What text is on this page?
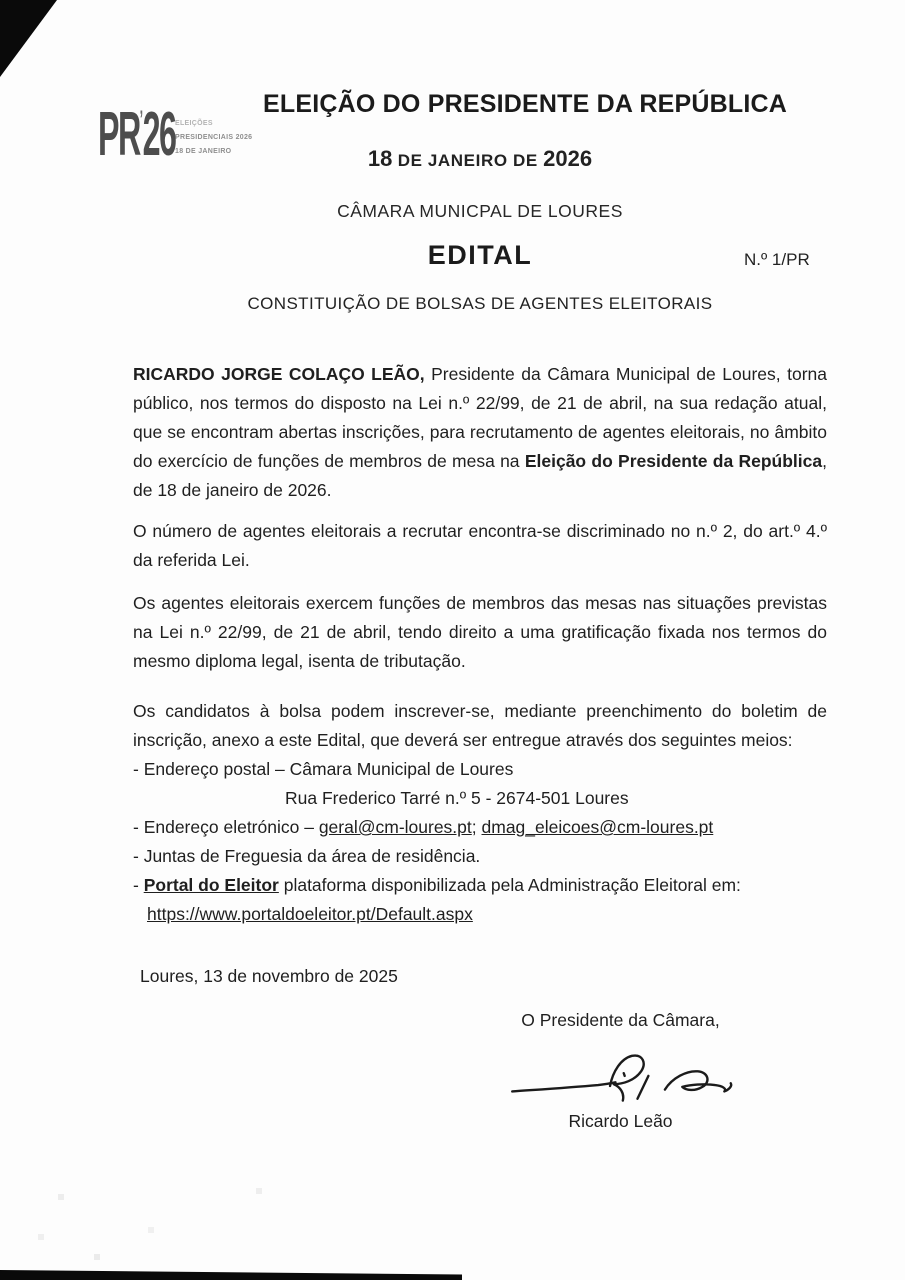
PR’26 ELEIÇÕES
PRESIDENCIAIS 2026
18 DE JANEIRO
ELEIÇÃO DO PRESIDENTE DA REPÚBLICA
18 DE JANEIRO DE 2026
CÂMARA MUNICPAL DE LOURES
EDITAL	N.º 1/PR
CONSTITUIÇÃO DE BOLSAS DE AGENTES ELEITORAIS

RICARDO JORGE COLAÇO LEÃO, Presidente da Câmara Municipal de Loures, torna público, nos termos do disposto na Lei n.º 22/99, de 21 de abril, na sua redação atual, que se encontram abertas inscrições, para recrutamento de agentes eleitorais, no âmbito do exercício de funções de membros de mesa na Eleição do Presidente da República, de 18 de janeiro de 2026.

O número de agentes eleitorais a recrutar encontra-se discriminado no n.º 2, do art.º 4.º da referida Lei.

Os agentes eleitorais exercem funções de membros das mesas nas situações previstas na Lei n.º 22/99, de 21 de abril, tendo direito a uma gratificação fixada nos termos do mesmo diploma legal, isenta de tributação.

Os candidatos à bolsa podem inscrever-se, mediante preenchimento do boletim de inscrição, anexo a este Edital, que deverá ser entregue através dos seguintes meios:

- Endereço postal – Câmara Municipal de Loures
Rua Frederico Tarré n.º 5 - 2674-501 Loures
- Endereço eletrónico – geral@cm-loures.pt; dmag_eleicoes@cm-loures.pt
- Juntas de Freguesia da área de residência.
- Portal do Eleitor plataforma disponibilizada pela Administração Eleitoral em:
https://www.portaldoeleitor.pt/Default.aspx
Loures, 13 de novembro de 2025
O Presidente da Câmara,
Ricardo Leão
